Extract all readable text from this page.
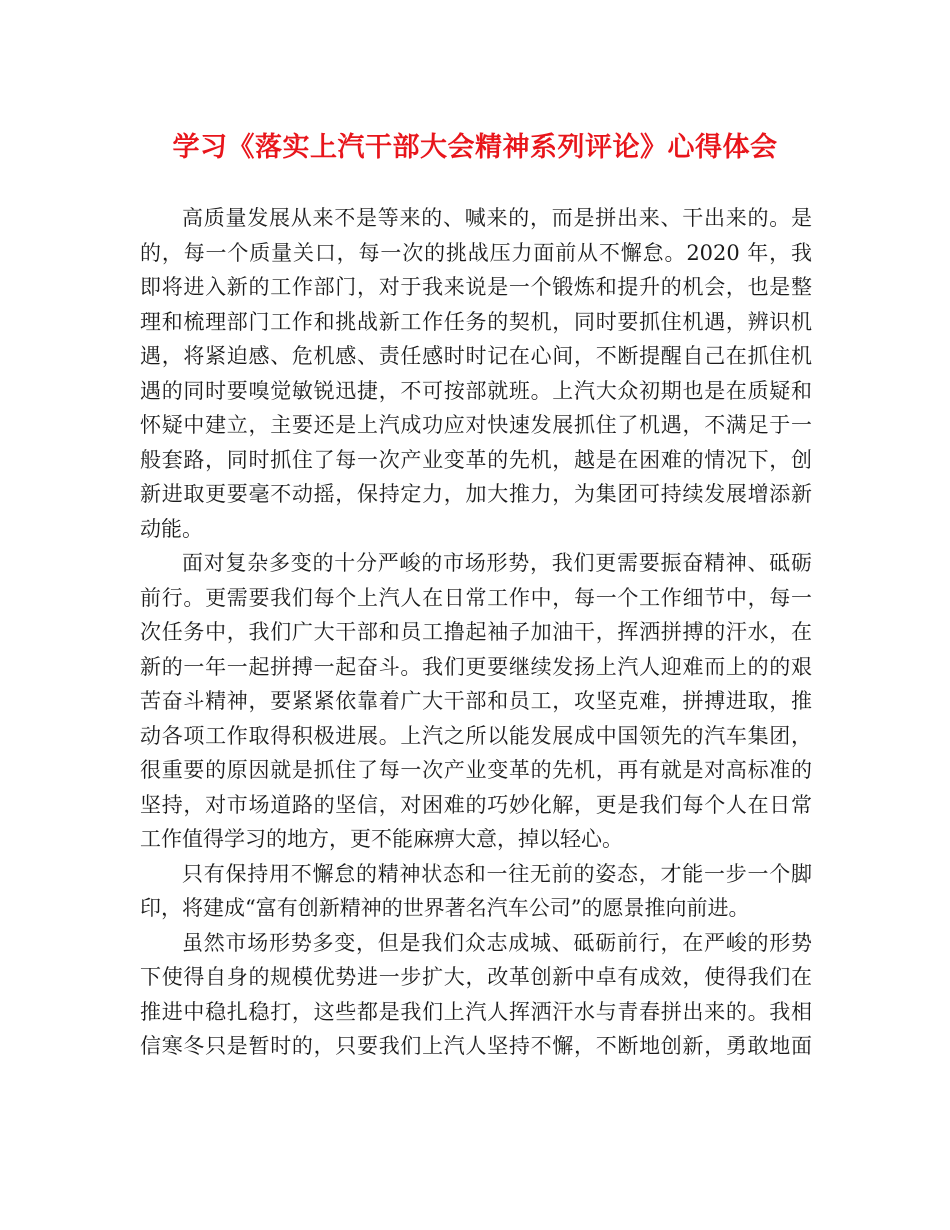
学习《落实上汽干部大会精神系列评论》心得体会
高质量发展从来不是等来的、喊来的，而是拼出来、干出来的。是
的，每一个质量关口，每一次的挑战压力面前从不懈怠。2020 年，我
即将进入新的工作部门，对于我来说是一个锻炼和提升的机会，也是整
理和梳理部门工作和挑战新工作任务的契机，同时要抓住机遇，辨识机
遇，将紧迫感、危机感、责任感时时记在心间，不断提醒自己在抓住机
遇的同时要嗅觉敏锐迅捷，不可按部就班。上汽大众初期也是在质疑和
怀疑中建立，主要还是上汽成功应对快速发展抓住了机遇，不满足于一
般套路，同时抓住了每一次产业变革的先机，越是在困难的情况下，创
新进取更要毫不动摇，保持定力，加大推力，为集团可持续发展增添新
动能。
面对复杂多变的十分严峻的市场形势，我们更需要振奋精神、砥砺
前行。更需要我们每个上汽人在日常工作中，每一个工作细节中，每一
次任务中，我们广大干部和员工撸起袖子加油干，挥洒拼搏的汗水，在
新的一年一起拼搏一起奋斗。我们更要继续发扬上汽人迎难而上的的艰
苦奋斗精神，要紧紧依靠着广大干部和员工，攻坚克难，拼搏进取，推
动各项工作取得积极进展。上汽之所以能发展成中国领先的汽车集团，
很重要的原因就是抓住了每一次产业变革的先机，再有就是对高标准的
坚持，对市场道路的坚信，对困难的巧妙化解，更是我们每个人在日常
工作值得学习的地方，更不能麻痹大意，掉以轻心。
只有保持用不懈怠的精神状态和一往无前的姿态，才能一步一个脚
印，将建成“富有创新精神的世界著名汽车公司”的愿景推向前进。
虽然市场形势多变，但是我们众志成城、砥砺前行，在严峻的形势
下使得自身的规模优势进一步扩大，改革创新中卓有成效，使得我们在
推进中稳扎稳打，这些都是我们上汽人挥洒汗水与青春拼出来的。我相
信寒冬只是暂时的，只要我们上汽人坚持不懈，不断地创新，勇敢地面
